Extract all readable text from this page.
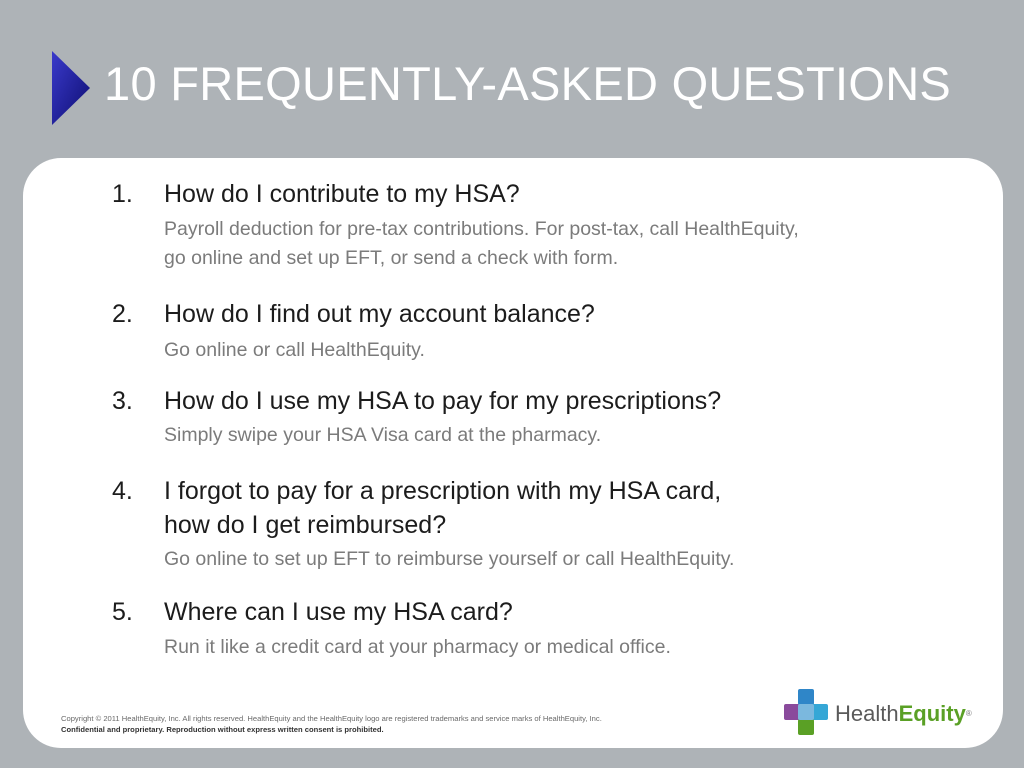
10 FREQUENTLY-ASKED QUESTIONS
1. How do I contribute to my HSA?

Payroll deduction for pre-tax contributions. For post-tax, call HealthEquity,
go online and set up EFT, or send a check with form.

2. How do I find out my account balance?

Go online or call HealthEquity.

3. How do I use my HSA to pay for my prescriptions?

Simply swipe your HSA Visa card at the pharmacy.

4. I forgot to pay for a prescription with my HSA card,
how do I get reimbursed?

Go online to set up EFT to reimburse yourself or call HealthEquity.

5. Where can I use my HSA card?

Run it like a credit card at your pharmacy or medical office.

Copyright © 2011 HealthEquity, Inc. All rights reserved. HealthEquity and the HealthEquity logo are registered trademarks and service marks of HealthEquity, Inc.
Confidential and proprietary. Reproduction without express written consent is prohibited.
HealthEquity®
